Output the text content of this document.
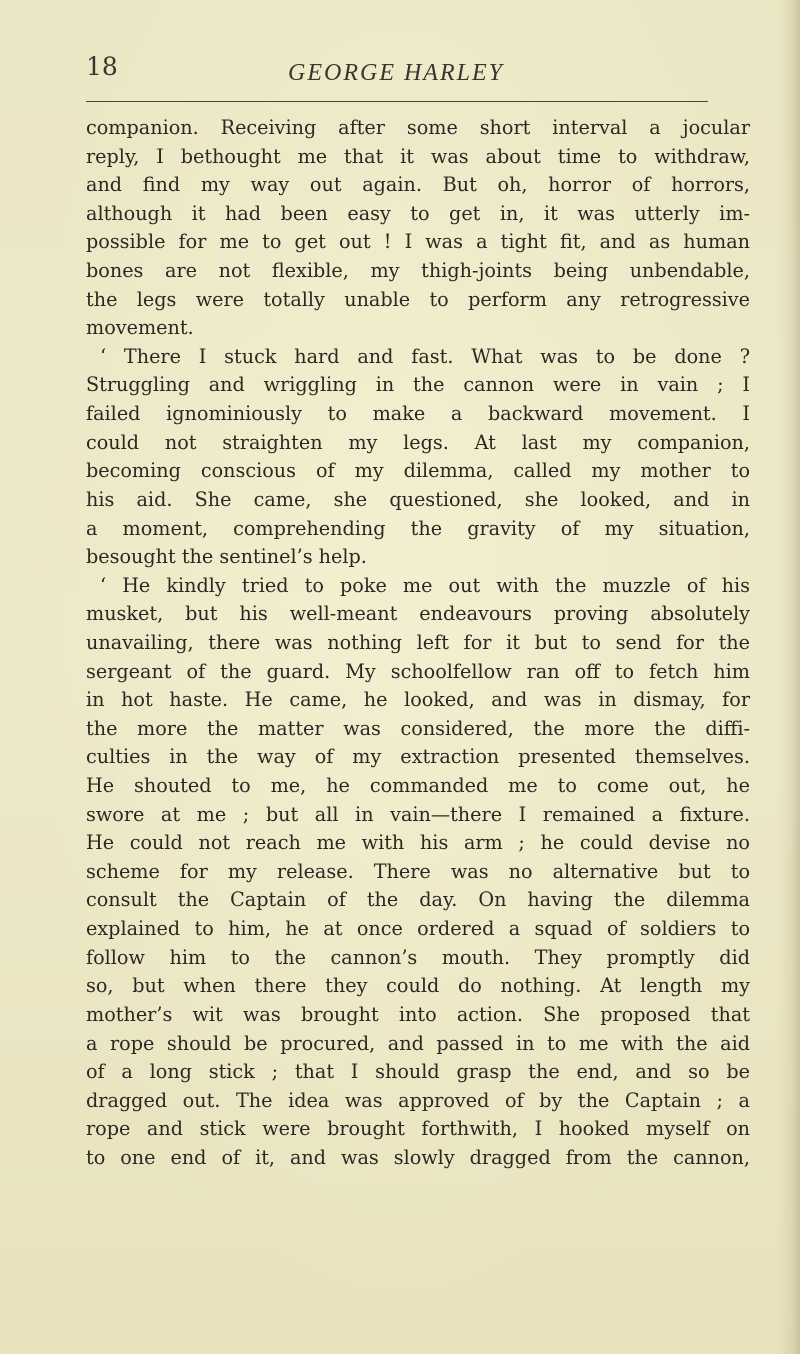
18	GEORGE HARLEY
companion. Receiving after some short interval a jocular
reply, I bethought me that it was about time to withdraw,
and find my way out again. But oh, horror of horrors,
although it had been easy to get in, it was utterly im-
possible for me to get out ! I was a tight fit, and as human
bones are not flexible, my thigh-joints being unbendable,
the legs were totally unable to perform any retrogressive
movement.
‘ There I stuck hard and fast. What was to be done ?
Struggling and wriggling in the cannon were in vain ; I
failed ignominiously to make a backward movement. I
could not straighten my legs. At last my companion,
becoming conscious of my dilemma, called my mother to
his aid. She came, she questioned, she looked, and in
a moment, comprehending the gravity of my situation,
besought the sentinel’s help.
‘ He kindly tried to poke me out with the muzzle of his
musket, but his well-meant endeavours proving absolutely
unavailing, there was nothing left for it but to send for the
sergeant of the guard. My schoolfellow ran off to fetch him
in hot haste. He came, he looked, and was in dismay, for
the more the matter was considered, the more the diffi-
culties in the way of my extraction presented themselves.
He shouted to me, he commanded me to come out, he
swore at me ; but all in vain—there I remained a fixture.
He could not reach me with his arm ; he could devise no
scheme for my release. There was no alternative but to
consult the Captain of the day. On having the dilemma
explained to him, he at once ordered a squad of soldiers to
follow him to the cannon’s mouth. They promptly did
so, but when there they could do nothing. At length my
mother’s wit was brought into action. She proposed that
a rope should be procured, and passed in to me with the aid
of a long stick ; that I should grasp the end, and so be
dragged out. The idea was approved of by the Captain ; a
rope and stick were brought forthwith, I hooked myself on
to one end of it, and was slowly dragged from the cannon,
